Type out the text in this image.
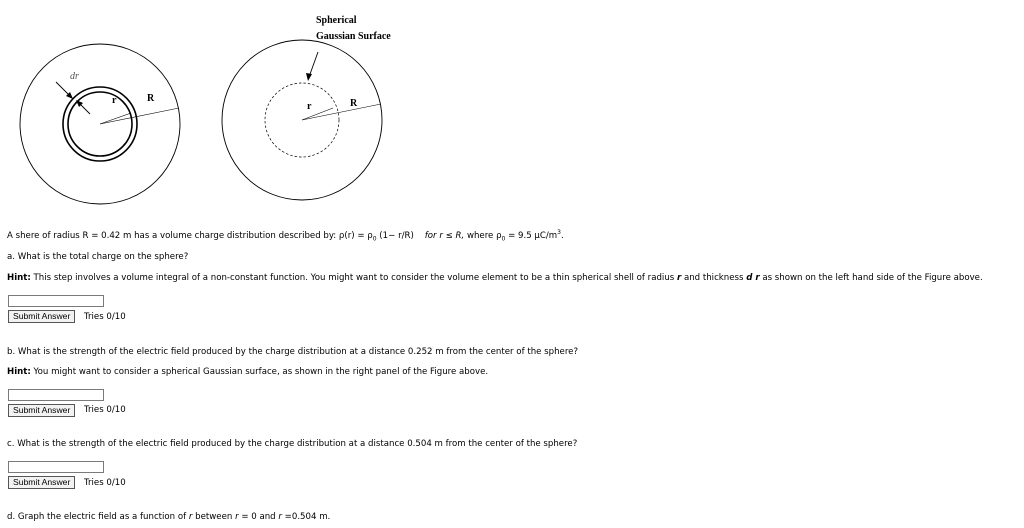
dr
r	R
r	R
Spherical
Gaussian Surface
A shere of radius R = 0.42 m has a volume charge distribution described by: $\rho(r) = \rho_0$ (1− r/R) for r ≤ R, where $\rho_0 = 9.5$ $\mu C/m^3$.
a. What is the total charge on the sphere?
Hint: This step involves a volume integral of a non-constant function. You might want to consider the volume element to be a thin spherical shell of radius r and thickness d r as shown on the left hand side of the Figure above.
Submit Answer	Tries 0/10
b. What is the strength of the electric field produced by the charge distribution at a distance 0.252 m from the center of the sphere?
Hint: You might want to consider a spherical Gaussian surface, as shown in the right panel of the Figure above.
Submit Answer	Tries 0/10
c. What is the strength of the electric field produced by the charge distribution at a distance 0.504 m from the center of the sphere?
Submit Answer	Tries 0/10
d. Graph the electric field as a function of r between r = 0 and r =0.504 m.
